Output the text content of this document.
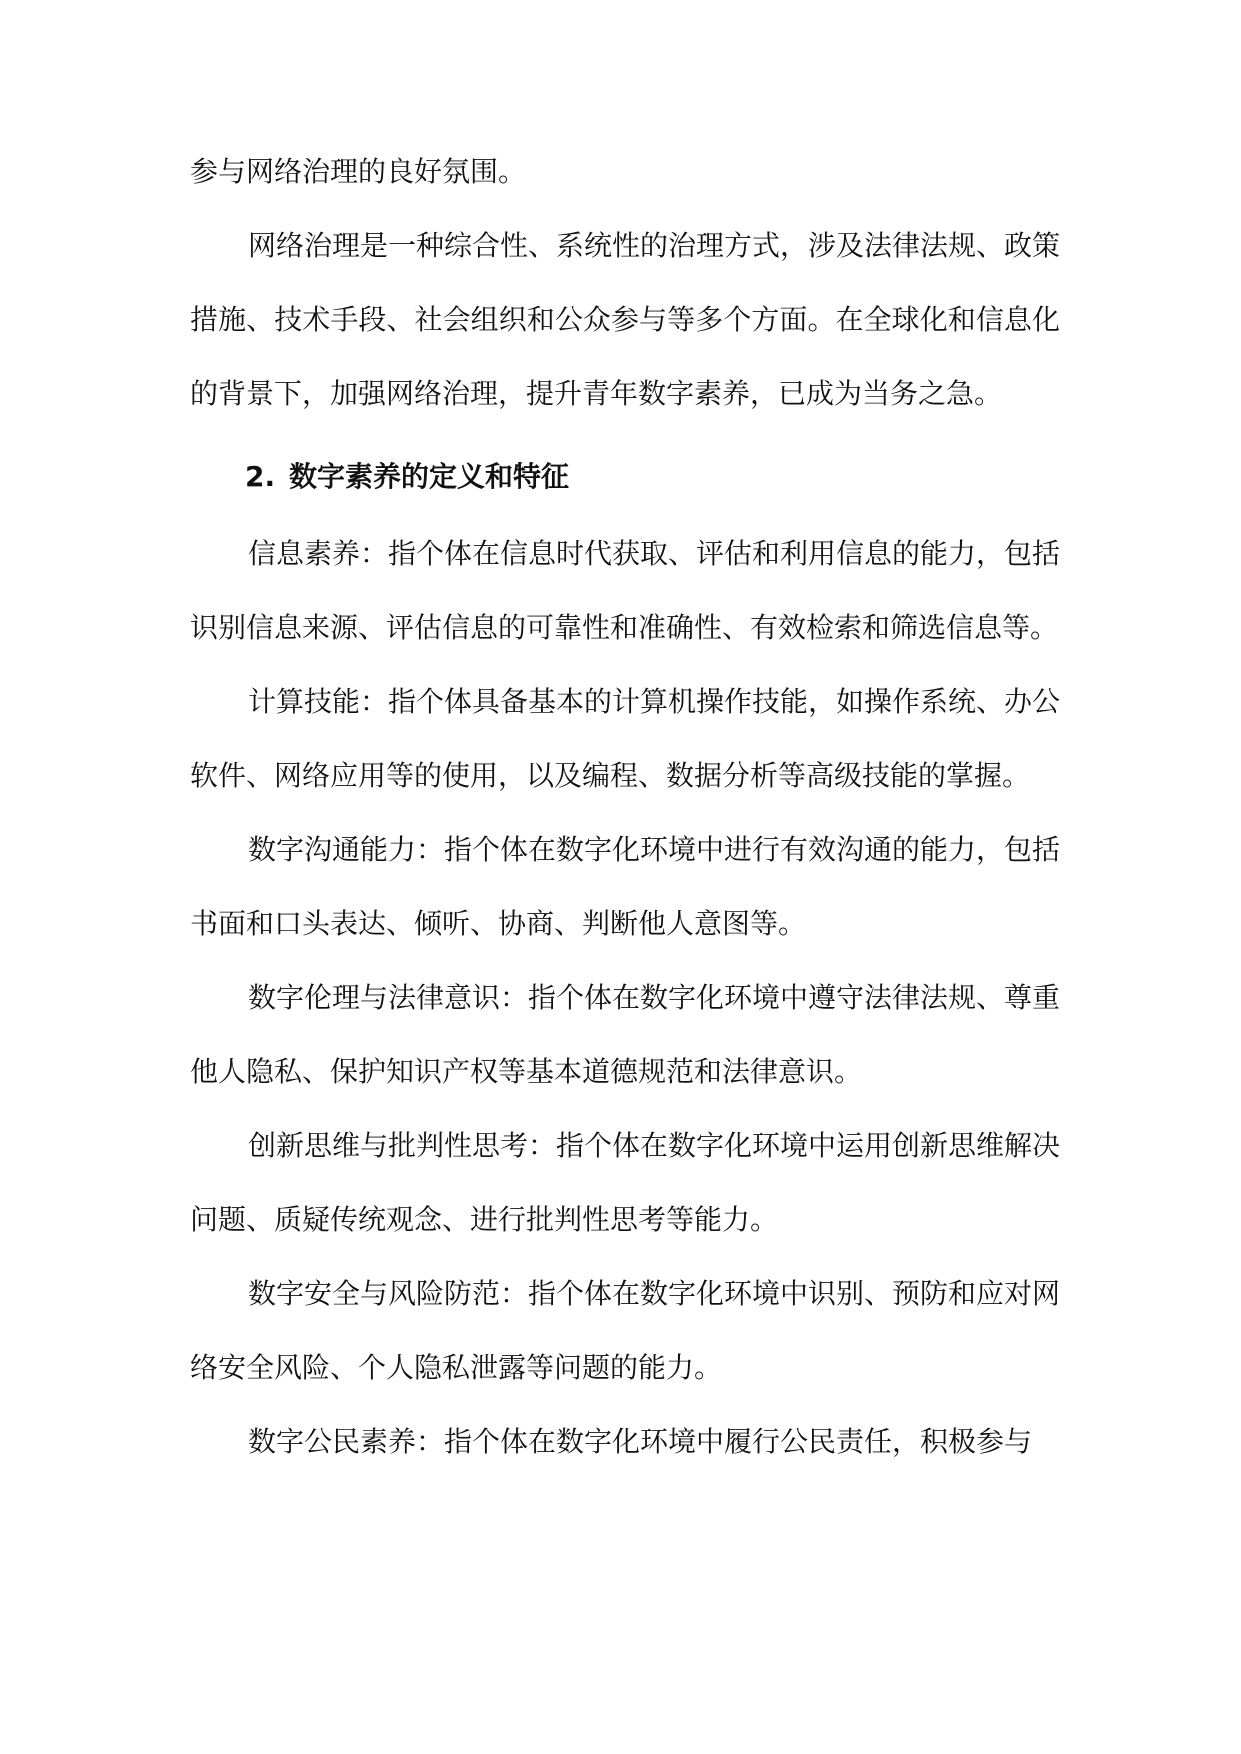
参与网络治理的良好氛围。

网络治理是一种综合性、系统性的治理方式，涉及法律法规、政策措施、技术手段、社会组织和公众参与等多个方面。在全球化和信息化的背景下，加强网络治理，提升青年数字素养，已成为当务之急。

2. 数字素养的定义和特征

信息素养：指个体在信息时代获取、评估和利用信息的能力，包括识别信息来源、评估信息的可靠性和准确性、有效检索和筛选信息等。

计算技能：指个体具备基本的计算机操作技能，如操作系统、办公软件、网络应用等的使用，以及编程、数据分析等高级技能的掌握。

数字沟通能力：指个体在数字化环境中进行有效沟通的能力，包括书面和口头表达、倾听、协商、判断他人意图等。

数字伦理与法律意识：指个体在数字化环境中遵守法律法规、尊重他人隐私、保护知识产权等基本道德规范和法律意识。

创新思维与批判性思考：指个体在数字化环境中运用创新思维解决问题、质疑传统观念、进行批判性思考等能力。

数字安全与风险防范：指个体在数字化环境中识别、预防和应对网络安全风险、个人隐私泄露等问题的能力。

数字公民素养：指个体在数字化环境中履行公民责任，积极参与
